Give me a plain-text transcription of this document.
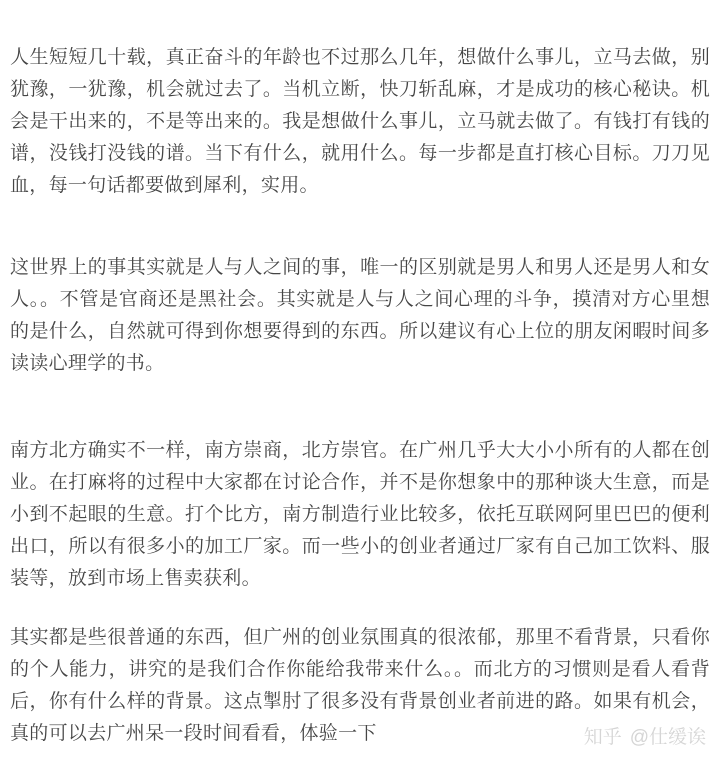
人生短短几十载，真正奋斗的年龄也不过那么几年，想做什么事儿，立马去做，别犹豫，一犹豫，机会就过去了。当机立断，快刀斩乱麻，才是成功的核心秘诀。机会是干出来的，不是等出来的。我是想做什么事儿，立马就去做了。有钱打有钱的谱，没钱打没钱的谱。当下有什么，就用什么。每一步都是直打核心目标。刀刀见血，每一句话都要做到犀利，实用。

这世界上的事其实就是人与人之间的事，唯一的区别就是男人和男人还是男人和女人。。不管是官商还是黑社会。其实就是人与人之间心理的斗争，摸清对方心里想的是什么，自然就可得到你想要得到的东西。所以建议有心上位的朋友闲暇时间多读读心理学的书。

南方北方确实不一样，南方崇商，北方崇官。在广州几乎大大小小所有的人都在创业。在打麻将的过程中大家都在讨论合作，并不是你想象中的那种谈大生意，而是小到不起眼的生意。打个比方，南方制造行业比较多，依托互联网阿里巴巴的便利出口，所以有很多小的加工厂家。而一些小的创业者通过厂家有自己加工饮料、服装等，放到市场上售卖获利。

其实都是些很普通的东西，但广州的创业氛围真的很浓郁，那里不看背景，只看你的个人能力，讲究的是我们合作你能给我带来什么。。而北方的习惯则是看人看背后，你有什么样的背景。这点掣肘了很多没有背景创业者前进的路。如果有机会，真的可以去广州呆一段时间看看，体验一下	知乎 @仕缓诶
